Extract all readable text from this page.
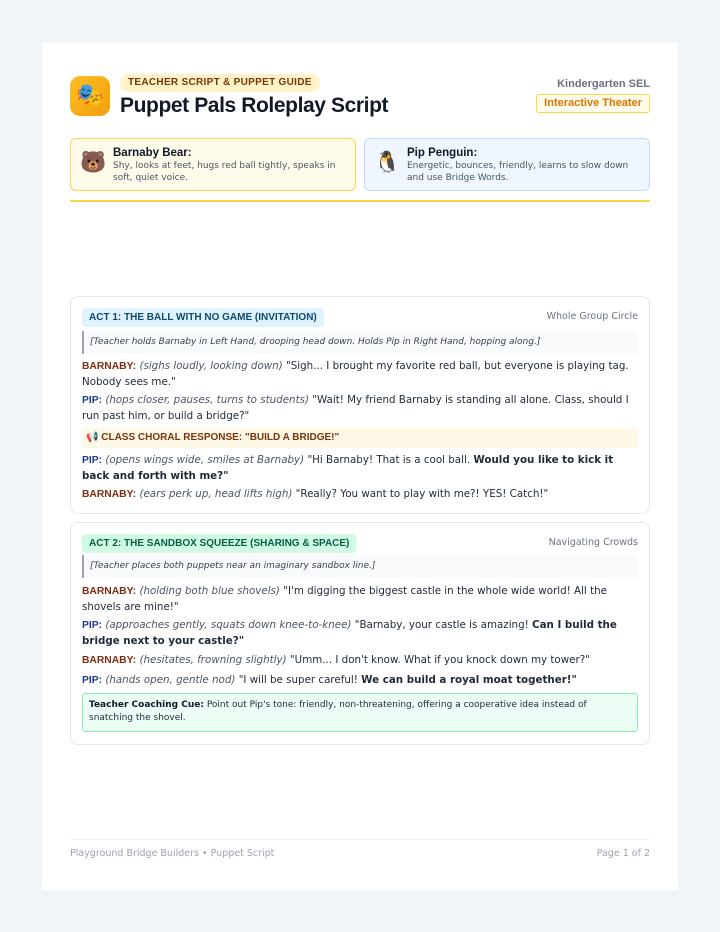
🎭
TEACHER SCRIPT & PUPPET GUIDE
Puppet Pals Roleplay Script
Kindergarten SEL
Interactive Theater
🐻 Barnaby Bear:
Shy, looks at feet, hugs red ball tightly, speaks in soft, quiet voice.
🐧 Pip Penguin:
Energetic, bounces, friendly, learns to slow down and use Bridge Words.
ACT 1: THE BALL WITH NO GAME (INVITATION)	Whole Group Circle
[Teacher holds Barnaby in Left Hand, drooping head down. Holds Pip in Right Hand, hopping along.]
BARNABY: (sighs loudly, looking down) "Sigh... I brought my favorite red ball, but everyone is playing tag. Nobody sees me."
PIP: (hops closer, pauses, turns to students) "Wait! My friend Barnaby is standing all alone. Class, should I run past him, or build a bridge?"
📢 CLASS CHORAL RESPONSE: "BUILD A BRIDGE!"
PIP: (opens wings wide, smiles at Barnaby) "Hi Barnaby! That is a cool ball. Would you like to kick it back and forth with me?"
BARNABY: (ears perk up, head lifts high) "Really? You want to play with me?! YES! Catch!"
ACT 2: THE SANDBOX SQUEEZE (SHARING & SPACE)	Navigating Crowds
[Teacher places both puppets near an imaginary sandbox line.]
BARNABY: (holding both blue shovels) "I'm digging the biggest castle in the whole wide world! All the shovels are mine!"
PIP: (approaches gently, squats down knee-to-knee) "Barnaby, your castle is amazing! Can I build the bridge next to your castle?"
BARNABY: (hesitates, frowning slightly) "Umm... I don't know. What if you knock down my tower?"
PIP: (hands open, gentle nod) "I will be super careful! We can build a royal moat together!"
Teacher Coaching Cue: Point out Pip's tone: friendly, non-threatening, offering a cooperative idea instead of snatching the shovel.
Playground Bridge Builders • Puppet Script	Page 1 of 2
